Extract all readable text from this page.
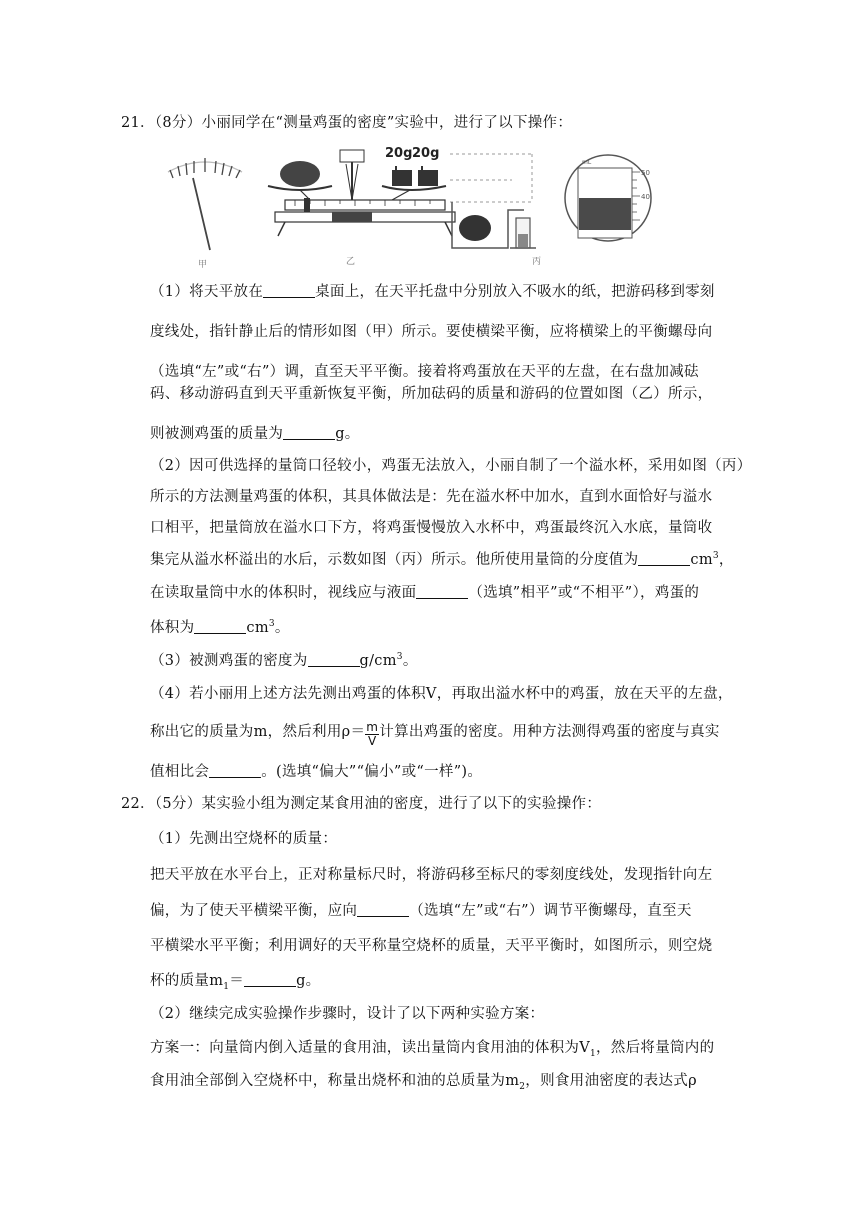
21．（8分）小丽同学在“测量鸡蛋的密度”实验中，进行了以下操作：
甲
20g 20g
乙	丙
mL
50
40
（1）将天平放在	桌面上，在天平托盘中分别放入不吸水的纸，把游码移到零刻
度线处，指针静止后的情形如图（甲）所示。要使横梁平衡，应将横梁上的平衡螺母向
（选填“左”或“右”）调，直至天平平衡。接着将鸡蛋放在天平的左盘，在右盘加减砝
码、移动游码直到天平重新恢复平衡，所加砝码的质量和游码的位置如图（乙）所示，
则被测鸡蛋的质量为	g。
（2）因可供选择的量筒口径较小，鸡蛋无法放入，小丽自制了一个溢水杯，采用如图（丙）
所示的方法测量鸡蛋的体积，其具体做法是：先在溢水杯中加水，直到水面恰好与溢水
口相平，把量筒放在溢水口下方，将鸡蛋慢慢放入水杯中，鸡蛋最终沉入水底，量筒收
集完从溢水杯溢出的水后，示数如图（丙）所示。他所使用量筒的分度值为	$cm^3$，
在读取量筒中水的体积时，视线应与液面	（选填”相平”或“不相平”），鸡蛋的
体积为	$cm^3$。
（3）被测鸡蛋的密度为	$g/cm^3$。
（4）若小丽用上述方法先测出鸡蛋的体积V，再取出溢水杯中的鸡蛋，放在天平的左盘，
称出它的质量为m，然后利用$\rho= \frac{m}{V}$ 计算出鸡蛋的密度。用种方法测得鸡蛋的密度与真实
值相比会	。(选填“偏大”“偏小”或“一样”)。
22．（5分）某实验小组为测定某食用油的密度，进行了以下的实验操作：
（1）先测出空烧杯的质量：
把天平放在水平台上，正对称量标尺时，将游码移至标尺的零刻度线处，发现指针向左
偏，为了使天平横梁平衡，应向	（选填“左”或“右”）调节平衡螺母，直至天
平横梁水平平衡；利用调好的天平称量空烧杯的质量，天平平衡时，如图所示，则空烧
杯的质量$m_1=$	g。
（2）继续完成实验操作步骤时，设计了以下两种实验方案：
方案一：向量筒内倒入适量的食用油，读出量筒内食用油的体积为$V_1$，然后将量筒内的
食用油全部倒入空烧杯中，称量出烧杯和油的总质量为$m_2$，则食用油密度的表达式ρ
